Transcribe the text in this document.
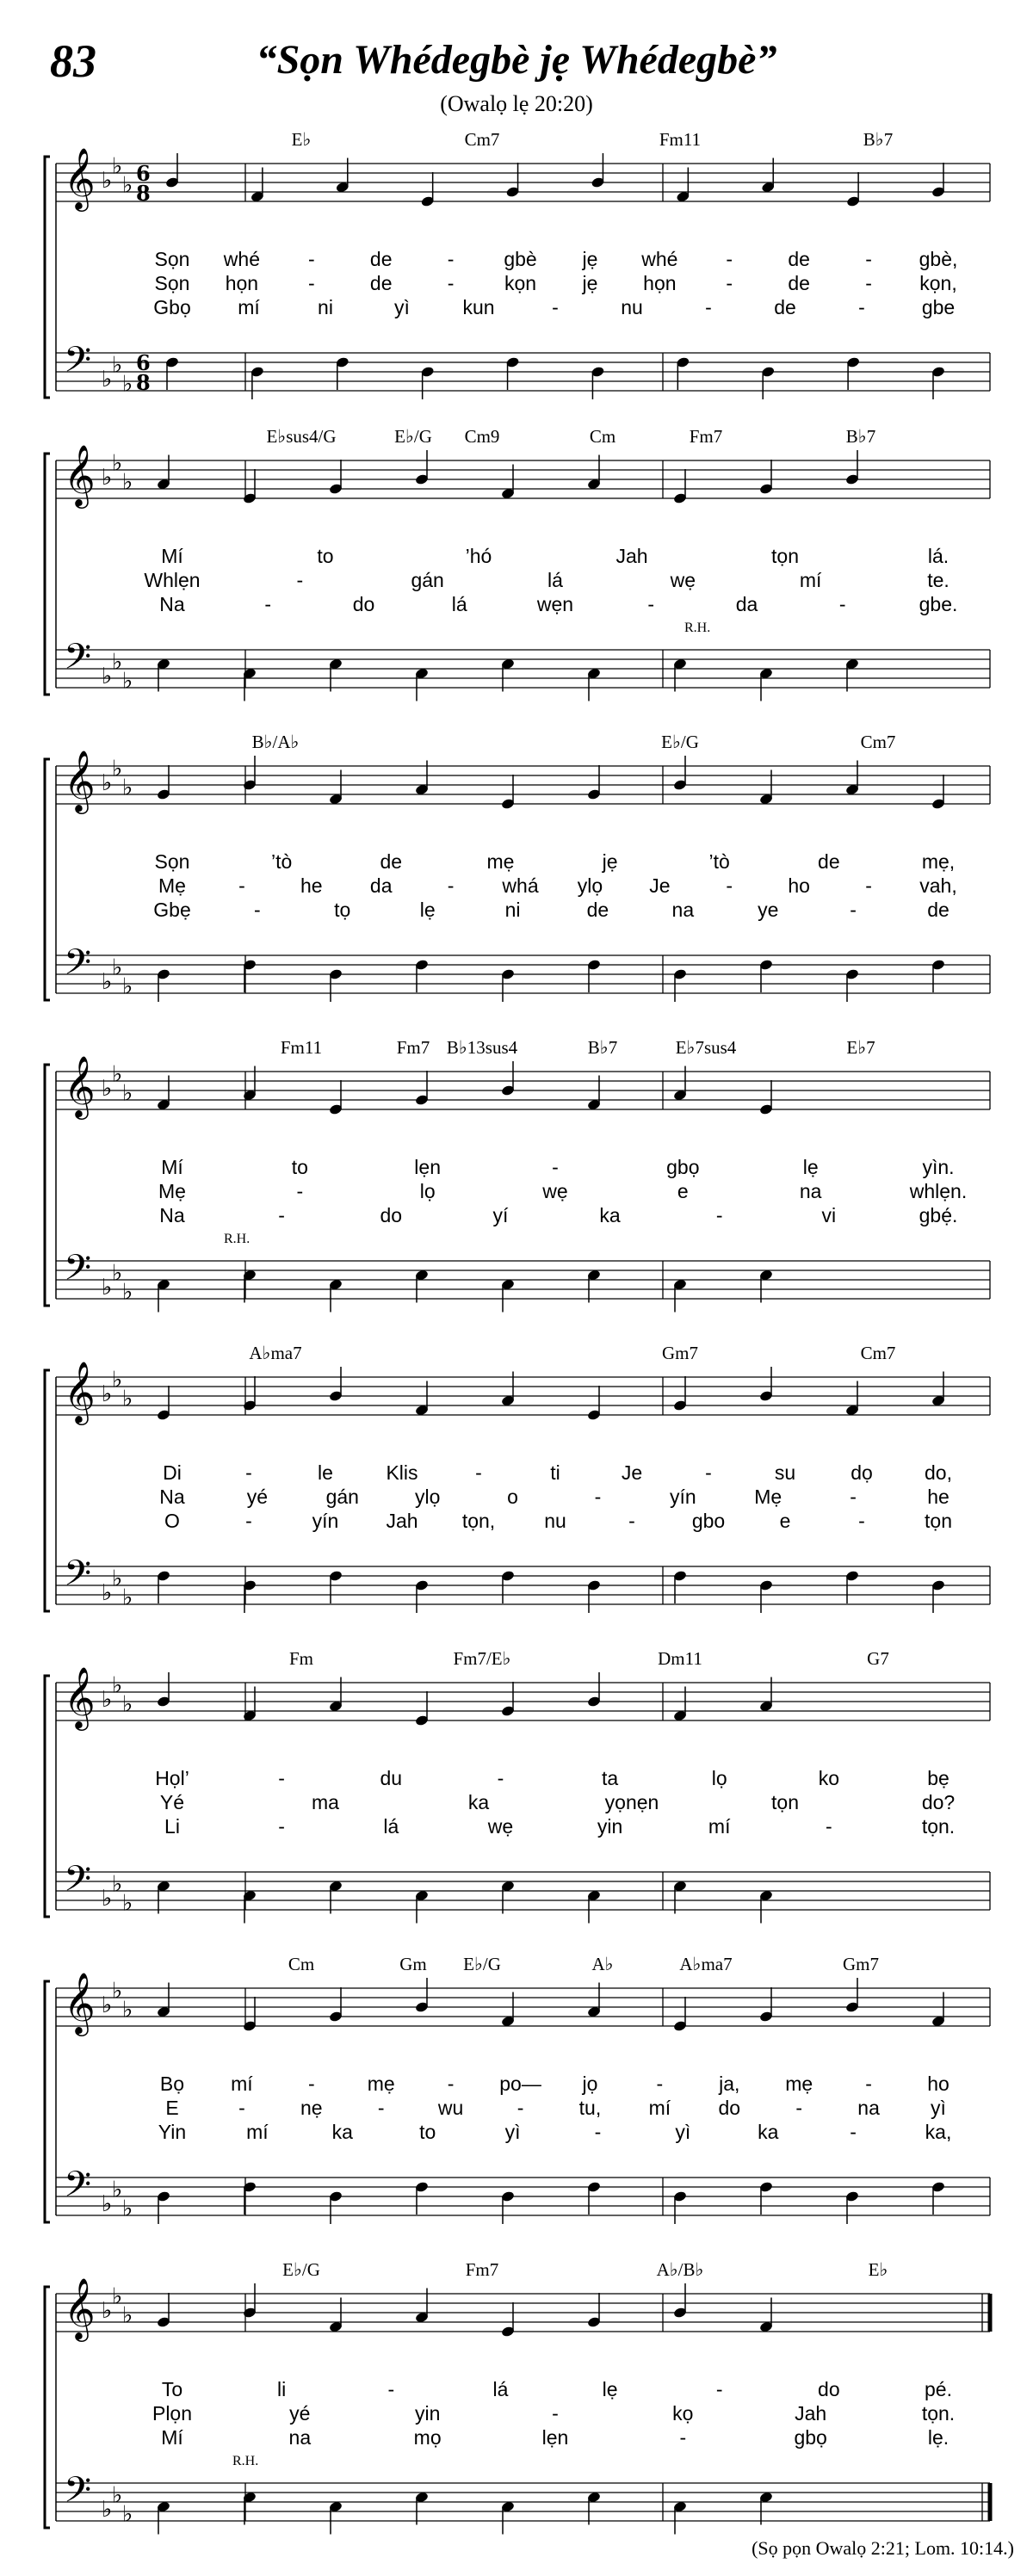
83	“Sọn Whédegbè jẹ Whédegbè”
(Owalọ lẹ 20:20)
𝄞
𝄢
♭
♭
♭
♭
♭
♭
6
8
6
8
E♭	Cm7	Fm11	B♭7
Sọn whé -	de	-	gbè jẹ whé -	de	- gbè,
Sọn họn	-	de	-	kọn jẹ họn	-	de	- kọn,
Gbọ mí	ni	yì	kun	-	nu	-	de	-	gbe
𝄞
𝄢
♭
♭
♭
♭
♭
♭
E♭sus4/G	E♭/G Cm9	Cm	Fm7	B♭7
R.H.
Mí	to	’hó	Jah	tọn	lá.
Whlẹn	-	gán	lá	wẹ	mí	te.
Na	-	do	lá	wẹn	-	da	-	gbe.
𝄞
𝄢
♭
♭
♭
♭
♭
♭
B♭/A♭	E♭/G	Cm7
Sọn	’tò	de	mẹ	jẹ	’tò	de	mẹ,
Mẹ	-	he da	- whá ylọ Je	-	ho	- vah,
Gbẹ	-	tọ	lẹ	ni	de	na	ye	-	de
𝄞
𝄢
♭
♭
♭
♭
♭
♭
Fm11	Fm7 B♭13sus4	B♭7	E♭7sus4	E♭7
R.H.
Mí	to	lẹn	-	gbọ	lẹ	yìn.
Mẹ	-	lọ	wẹ	e	na	whlẹn.
Na	-	do	yí	ka	-	vi	gbẹ́.
𝄞
𝄢
♭
♭
♭
♭
♭
♭
A♭ma7	Gm7	Cm7
Di	-	le	Klis	-	ti	Je	-	su	dọ	do,
Na	yé	gán	ylọ	o	-	yín	Mẹ	-	he
O	-	yín Jah tọn, nu	-	gbo	e	-	tọn
𝄞
𝄢
♭
♭
♭
♭
♭
♭
Fm	Fm7/E♭	Dm11	G7
Họl’	-	du	-	ta	lọ	ko	bẹ
Yé	ma	ka	yọnẹn	tọn	do?
Li	-	lá	wẹ	yin	mí	-	tọn.
𝄞
𝄢
♭
♭
♭
♭
♭
♭
Cm	Gm E♭/G	A♭	A♭ma7	Gm7
Bọ mí	-	mẹ	- po— jọ	-	ja, mẹ	-	ho
E	-	nẹ	-	wu	-	tu, mí do	-	na	yì
Yin	mí	ka	to	yì	-	yì	ka	-	ka,
𝄞
𝄢
♭
♭
♭
♭
♭
♭
E♭/G	Fm7	A♭/B♭	E♭
R.H.
To	li	-	lá	lẹ	-	do	pé.
Plọn	yé	yin	-	kọ	Jah	tọn.
Mí	na	mọ	lẹn	-	gbọ	lẹ.
(Sọ pọn Owalọ 2:21; Lom. 10:14.)
